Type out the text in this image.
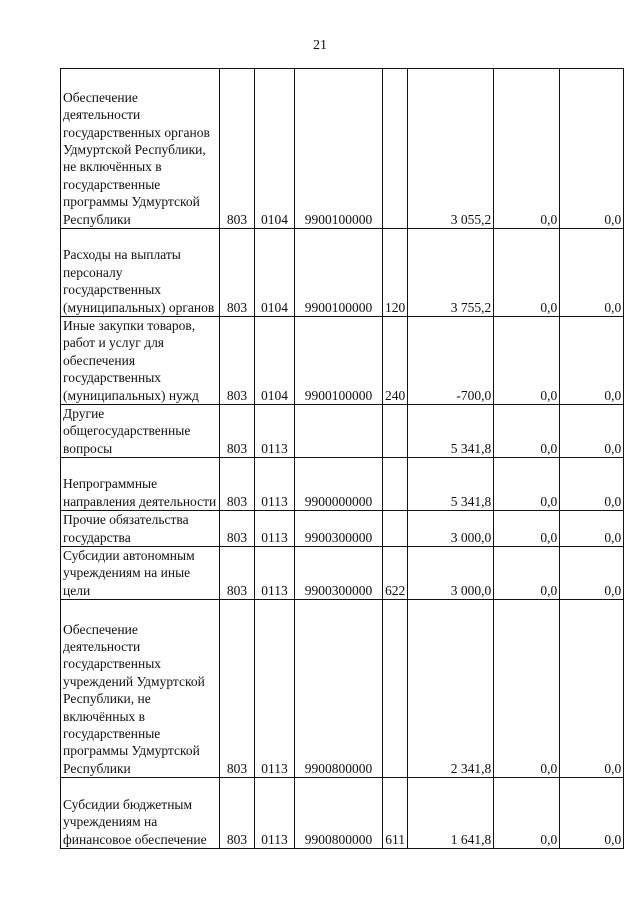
21
Обеспечение деятельности государственных органов Удмуртской Республики, не включённых в государственные программы Удмуртской Республики	803	0104	9900100000		3 055,2	0,0	0,0
Расходы на выплаты персоналу государственных (муниципальных) органов	803	0104	9900100000	120	3 755,2	0,0	0,0
Иные закупки товаров, работ и услуг для обеспечения государственных (муниципальных) нужд	803	0104	9900100000	240	-700,0	0,0	0,0
Другие общегосударственные вопросы	803	0113			5 341,8	0,0	0,0
Непрограммные направления деятельности	803	0113	9900000000		5 341,8	0,0	0,0
Прочие обязательства государства	803	0113	9900300000		3 000,0	0,0	0,0
Субсидии автономным учреждениям на иные цели	803	0113	9900300000	622	3 000,0	0,0	0,0
Обеспечение деятельности государственных учреждений Удмуртской Республики, не включённых в государственные программы Удмуртской Республики	803	0113	9900800000		2 341,8	0,0	0,0
Субсидии бюджетным учреждениям на финансовое обеспечение	803	0113	9900800000	611	1 641,8	0,0	0,0
